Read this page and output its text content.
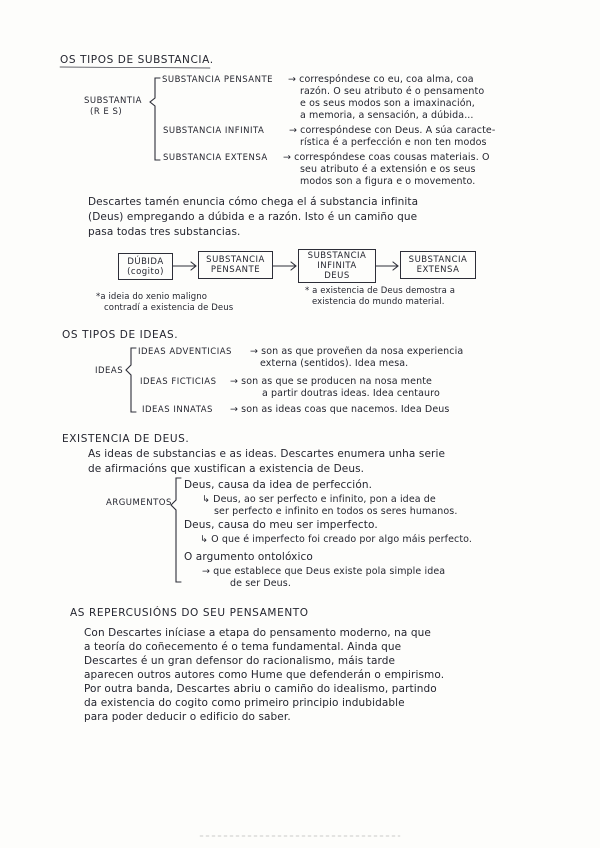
OS TIPOS DE SUBSTANCIA.
SUBSTANTIA
(R E S)
SUBSTANCIA PENSANTE → correspóndese co eu, coa alma, coa
razón. O seu atributo é o pensamento
e os seus modos son a imaxinación,
a memoria, a sensación, a dúbida...
SUBSTANCIA INFINITA	→ correspóndese con Deus. A súa caracte-
rística é a perfección e non ten modos
SUBSTANCIA EXTENSA → correspóndese coas cousas materiais. O
seu atributo é a extensión e os seus
modos son a figura e o movemento.
Descartes tamén enuncia cómo chega el á substancia infinita
(Deus) empregando a dúbida e a razón. Isto é un camiño que
pasa todas tres substancias.
DÚBIDA
(cogito)
SUBSTANCIA
PENSANTE
SUBSTANCIA
INFINITA
DEUS
SUBSTANCIA
EXTENSA
*a ideia do xenio maligno
contradí a existencia de Deus
* a existencia de Deus demostra a
existencia do mundo material.
OS TIPOS DE IDEAS.
IDEAS
IDEAS ADVENTICIAS → son as que proveñen da nosa experiencia
externa (sentidos). Idea mesa.
IDEAS FICTICIAS → son as que se producen na nosa mente
a partir doutras ideas. Idea centauro
IDEAS INNATAS → son as ideas coas que nacemos. Idea Deus
EXISTENCIA DE DEUS.
As ideas de substancias e as ideas. Descartes enumera unha serie
de afirmacións que xustifican a existencia de Deus.
ARGUMENTOS
Deus, causa da idea de perfección.
↳ Deus, ao ser perfecto e infinito, pon a idea de
ser perfecto e infinito en todos os seres humanos.
Deus, causa do meu ser imperfecto.
↳ O que é imperfecto foi creado por algo máis perfecto.
O argumento ontolóxico
→ que establece que Deus existe pola simple idea
de ser Deus.
AS REPERCUSIÓNS DO SEU PENSAMENTO
Con Descartes iníciase a etapa do pensamento moderno, na que
a teoría do coñecemento é o tema fundamental. Ainda que
Descartes é un gran defensor do racionalismo, máis tarde
aparecen outros autores como Hume que defenderán o empirismo.
Por outra banda, Descartes abriu o camiño do idealismo, partindo
da existencia do cogito como primeiro principio indubidable
para poder deducir o edificio do saber.
